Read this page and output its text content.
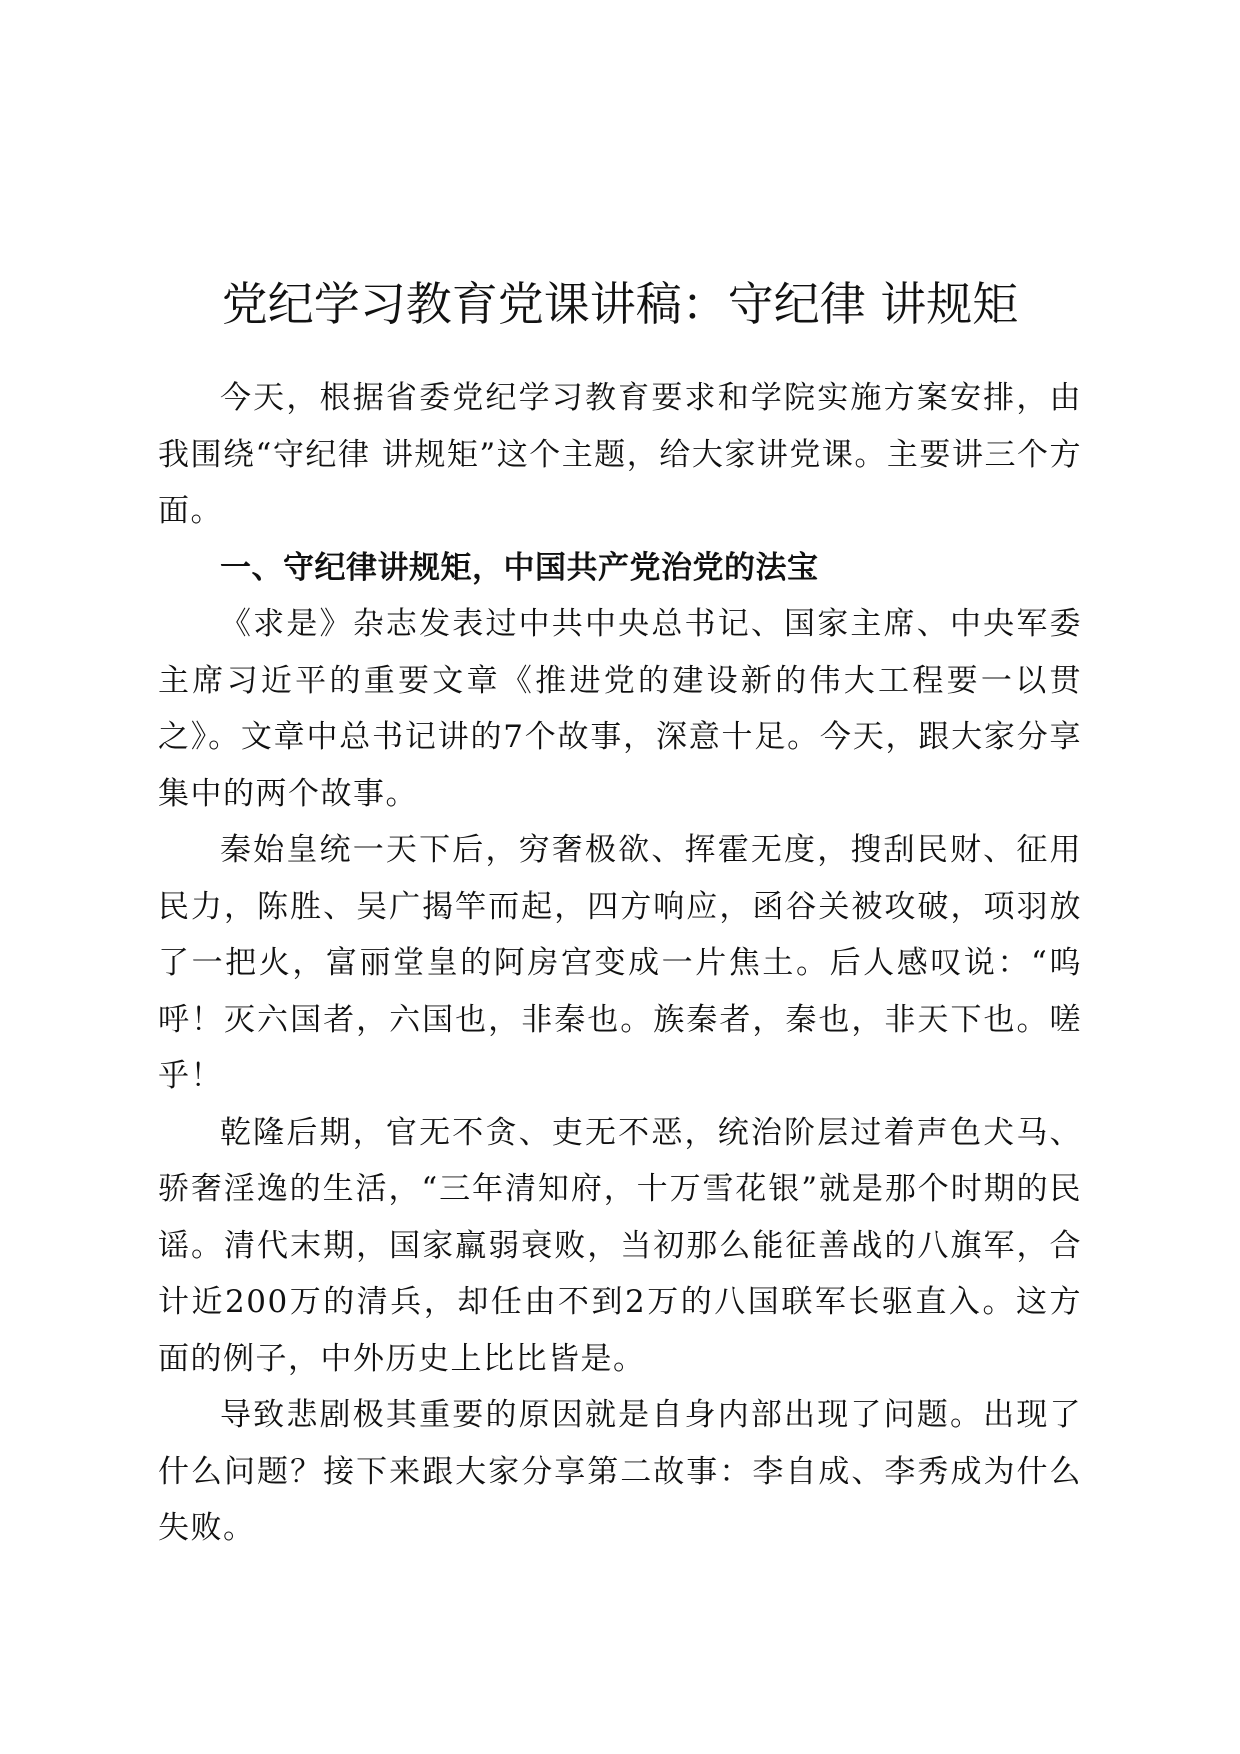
党纪学习教育党课讲稿：守纪律 讲规矩

今天，根据省委党纪学习教育要求和学院实施方案安排，由我围绕“守纪律 讲规矩”这个主题，给大家讲党课。主要讲三个方面。

一、守纪律讲规矩，中国共产党治党的法宝

《求是》杂志发表过中共中央总书记、国家主席、中央军委主席习近平的重要文章《推进党的建设新的伟大工程要一以贯之》。文章中总书记讲的7个故事，深意十足。今天，跟大家分享集中的两个故事。

秦始皇统一天下后，穷奢极欲、挥霍无度，搜刮民财、征用民力，陈胜、吴广揭竿而起，四方响应，函谷关被攻破，项羽放了一把火，富丽堂皇的阿房宫变成一片焦土。后人感叹说：“呜呼！灭六国者，六国也，非秦也。族秦者，秦也，非天下也。嗟乎！

乾隆后期，官无不贪、吏无不恶，统治阶层过着声色犬马、骄奢淫逸的生活，“三年清知府，十万雪花银”就是那个时期的民谣。清代末期，国家羸弱衰败，当初那么能征善战的八旗军，合计近200万的清兵，却任由不到2万的八国联军长驱直入。这方面的例子，中外历史上比比皆是。

导致悲剧极其重要的原因就是自身内部出现了问题。出现了什么问题？接下来跟大家分享第二故事：李自成、李秀成为什么失败。
